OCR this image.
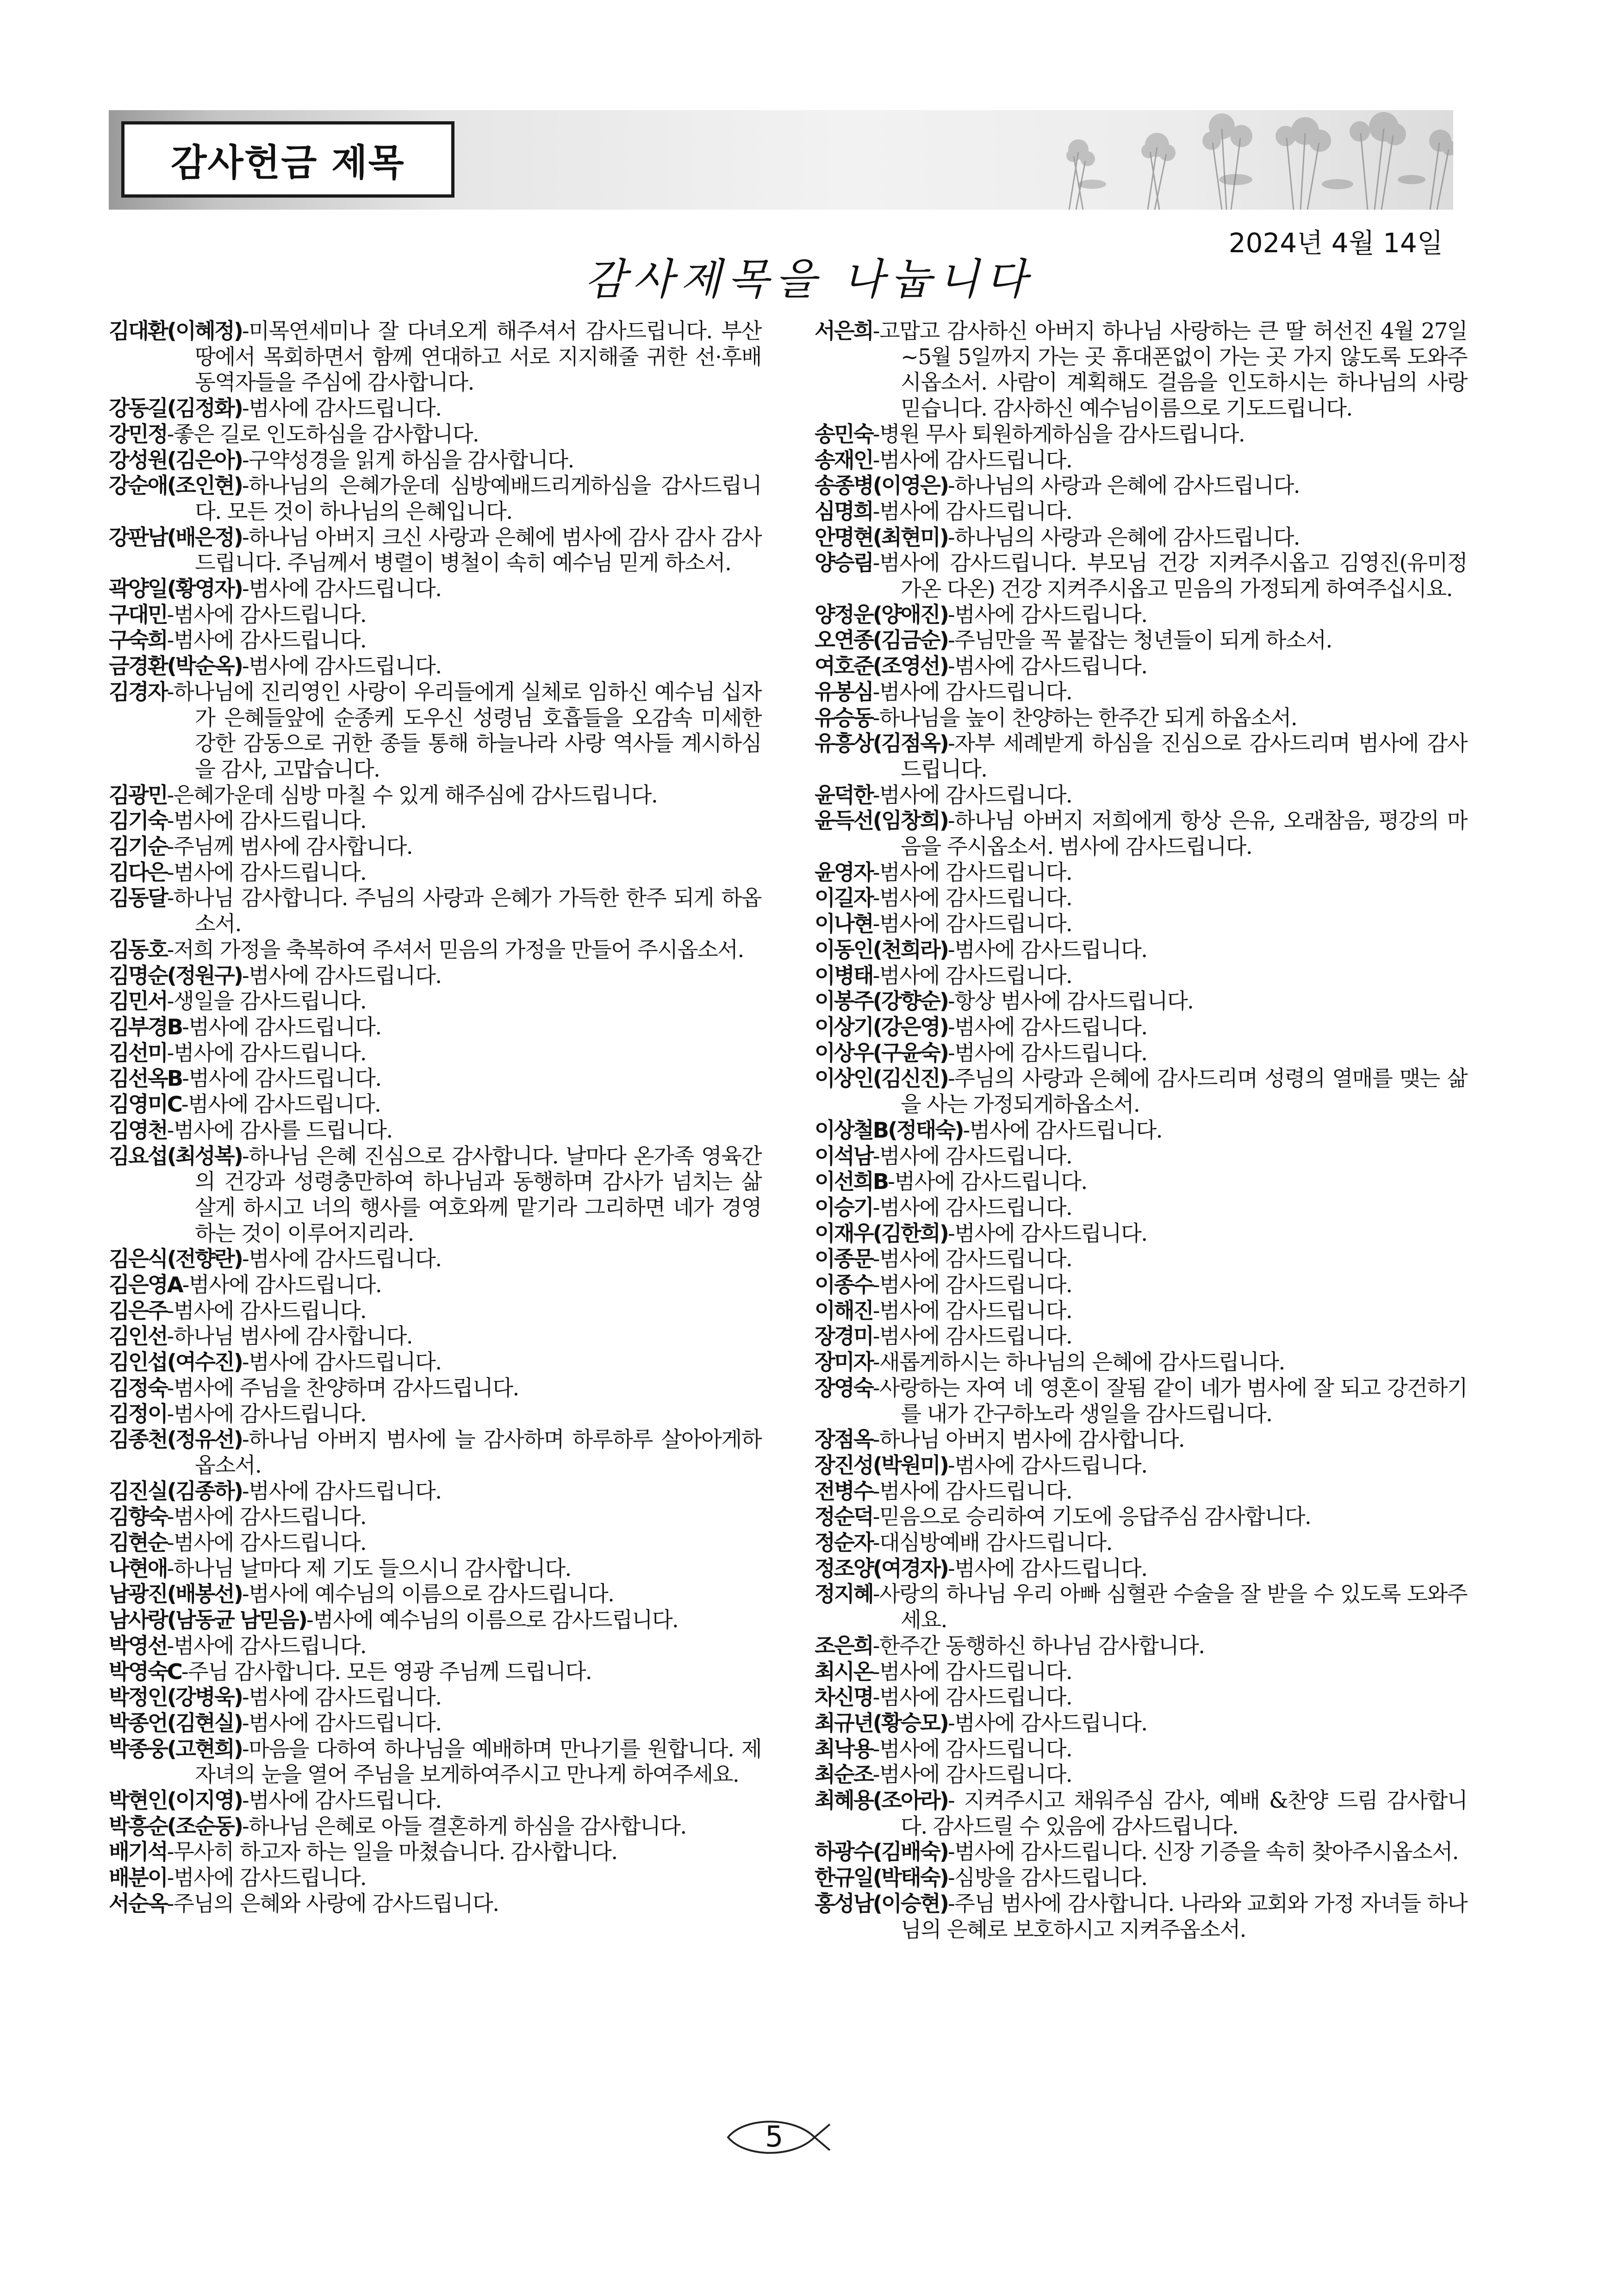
감사헌금 제목
2024년 4월 14일
감사제목을 나눕니다

김대환(이혜정)-미목연세미나 잘 다녀오게 해주셔서 감사드립니다. 부산 땅에서 목회하면서 함께 연대하고 서로 지지해줄 귀한 선·후배 동역자들을 주심에 감사합니다.

강동길(김정화)-범사에 감사드립니다.

강민정-좋은 길로 인도하심을 감사합니다.

강성원(김은아)-구약성경을 읽게 하심을 감사합니다.

강순애(조인현)-하나님의 은혜가운데 심방예배드리게하심을 감사드립니다. 모든 것이 하나님의 은혜입니다.

강판남(배은정)-하나님 아버지 크신 사랑과 은혜에 범사에 감사 감사 감사드립니다. 주님께서 병렬이 병철이 속히 예수님 믿게 하소서.

곽양일(황영자)-범사에 감사드립니다.

구대민-범사에 감사드립니다.

구숙희-범사에 감사드립니다.

금경환(박순옥)-범사에 감사드립니다.

김경자-하나님에 진리영인 사랑이 우리들에게 실체로 임하신 예수님 십자가 은혜들앞에 순종케 도우신 성령님 호흡들을 오감속 미세한 강한 감동으로 귀한 종들 통해 하늘나라 사랑 역사들 계시하심을 감사, 고맙습니다.

김광민-은혜가운데 심방 마칠 수 있게 해주심에 감사드립니다.

김기숙-범사에 감사드립니다.

김기순-주님께 범사에 감사합니다.

김다은-범사에 감사드립니다.

김동달-하나님 감사합니다. 주님의 사랑과 은혜가 가득한 한주 되게 하옵소서.

김동호-저희 가정을 축복하여 주셔서 믿음의 가정을 만들어 주시옵소서.

김명순(정원구)-범사에 감사드립니다.

김민서-생일을 감사드립니다.

김부경B-범사에 감사드립니다.

김선미-범사에 감사드립니다.

김선옥B-범사에 감사드립니다.

김영미C-범사에 감사드립니다.

김영천-범사에 감사를 드립니다.

김요섭(최성복)-하나님 은혜 진심으로 감사합니다. 날마다 온가족 영육간의 건강과 성령충만하여 하나님과 동행하며 감사가 넘치는 삶 살게 하시고 너의 행사를 여호와께 맡기라 그리하면 네가 경영하는 것이 이루어지리라.

김은식(전향란)-범사에 감사드립니다.

김은영A-범사에 감사드립니다.

김은주-범사에 감사드립니다.

김인선-하나님 범사에 감사합니다.

김인섭(여수진)-범사에 감사드립니다.

김정숙-범사에 주님을 찬양하며 감사드립니다.

김정이-범사에 감사드립니다.

김종천(정유선)-하나님 아버지 범사에 늘 감사하며 하루하루 살아아게하옵소서.

김진실(김종하)-범사에 감사드립니다.

김향숙-범사에 감사드립니다.

김현순-범사에 감사드립니다.

나현애-하나님 날마다 제 기도 들으시니 감사합니다.

남광진(배봉선)-범사에 예수님의 이름으로 감사드립니다.

남사랑(남동균 남믿음)-범사에 예수님의 이름으로 감사드립니다.

박영선-범사에 감사드립니다.

박영숙C-주님 감사합니다. 모든 영광 주님께 드립니다.

박정인(강병욱)-범사에 감사드립니다.

박종언(김현실)-범사에 감사드립니다.

박종웅(고현희)-마음을 다하여 하나님을 예배하며 만나기를 원합니다. 제 자녀의 눈을 열어 주님을 보게하여주시고 만나게 하여주세요.

박현인(이지영)-범사에 감사드립니다.

박흥순(조순동)-하나님 은혜로 아들 결혼하게 하심을 감사합니다.

배기석-무사히 하고자 하는 일을 마쳤습니다. 감사합니다.

배분이-범사에 감사드립니다.

서순옥-주님의 은혜와 사랑에 감사드립니다.

서은희-고맙고 감사하신 아버지 하나님 사랑하는 큰 딸 허선진 4월 27일~5월 5일까지 가는 곳 휴대폰없이 가는 곳 가지 않도록 도와주시옵소서. 사람이 계획해도 걸음을 인도하시는 하나님의 사랑 믿습니다. 감사하신 예수님이름으로 기도드립니다.

송민숙-병원 무사 퇴원하게하심을 감사드립니다.

송재인-범사에 감사드립니다.

송종병(이영은)-하나님의 사랑과 은혜에 감사드립니다.

심명희-범사에 감사드립니다.

안명현(최현미)-하나님의 사랑과 은혜에 감사드립니다.

양승림-범사에 감사드립니다. 부모님 건강 지켜주시옵고 김영진(유미정 가온 다온) 건강 지켜주시옵고 믿음의 가정되게 하여주십시요.

양정운(양애진)-범사에 감사드립니다.

오연종(김금순)-주님만을 꼭 붙잡는 청년들이 되게 하소서.

여호준(조영선)-범사에 감사드립니다.

유봉심-범사에 감사드립니다.

유승동-하나님을 높이 찬양하는 한주간 되게 하옵소서.

유흥상(김점옥)-자부 세례받게 하심을 진심으로 감사드리며 범사에 감사드립니다.

윤덕한-범사에 감사드립니다.

윤득선(임창희)-하나님 아버지 저희에게 항상 은유, 오래참음, 평강의 마음을 주시옵소서. 범사에 감사드립니다.

윤영자-범사에 감사드립니다.

이길자-범사에 감사드립니다.

이나현-범사에 감사드립니다.

이동인(천희라)-범사에 감사드립니다.

이병태-범사에 감사드립니다.

이봉주(강향순)-항상 범사에 감사드립니다.

이상기(강은영)-범사에 감사드립니다.

이상우(구윤숙)-범사에 감사드립니다.

이상인(김신진)-주님의 사랑과 은혜에 감사드리며 성령의 열매를 맺는 삶을 사는 가정되게하옵소서.

이상철B(정태숙)-범사에 감사드립니다.

이석남-범사에 감사드립니다.

이선희B-범사에 감사드립니다.

이승기-범사에 감사드립니다.

이재우(김한희)-범사에 감사드립니다.

이종문-범사에 감사드립니다.

이종수-범사에 감사드립니다.

이해진-범사에 감사드립니다.

장경미-범사에 감사드립니다.

장미자-새롭게하시는 하나님의 은혜에 감사드립니다.

장영숙-사랑하는 자여 네 영혼이 잘됨 같이 네가 범사에 잘 되고 강건하기를 내가 간구하노라 생일을 감사드립니다.

장점옥-하나님 아버지 범사에 감사합니다.

장진성(박원미)-범사에 감사드립니다.

전병수-범사에 감사드립니다.

정순덕-믿음으로 승리하여 기도에 응답주심 감사합니다.

정순자-대심방예배 감사드립니다.

정조양(여경자)-범사에 감사드립니다.

정지혜-사랑의 하나님 우리 아빠 심혈관 수술을 잘 받을 수 있도록 도와주세요.

조은희-한주간 동행하신 하나님 감사합니다.

최시온-범사에 감사드립니다.

차신명-범사에 감사드립니다.

최규년(황승모)-범사에 감사드립니다.

최낙용-범사에 감사드립니다.

최순조-범사에 감사드립니다.

최혜용(조아라)- 지켜주시고 채워주심 감사, 예배 &찬양 드림 감사합니다. 감사드릴 수 있음에 감사드립니다.

하광수(김배숙)-범사에 감사드립니다. 신장 기증을 속히 찾아주시옵소서.

한규일(박태숙)-심방을 감사드립니다.

홍성남(이승현)-주님 범사에 감사합니다. 나라와 교회와 가정 자녀들 하나님의 은혜로 보호하시고 지켜주옵소서.

5
